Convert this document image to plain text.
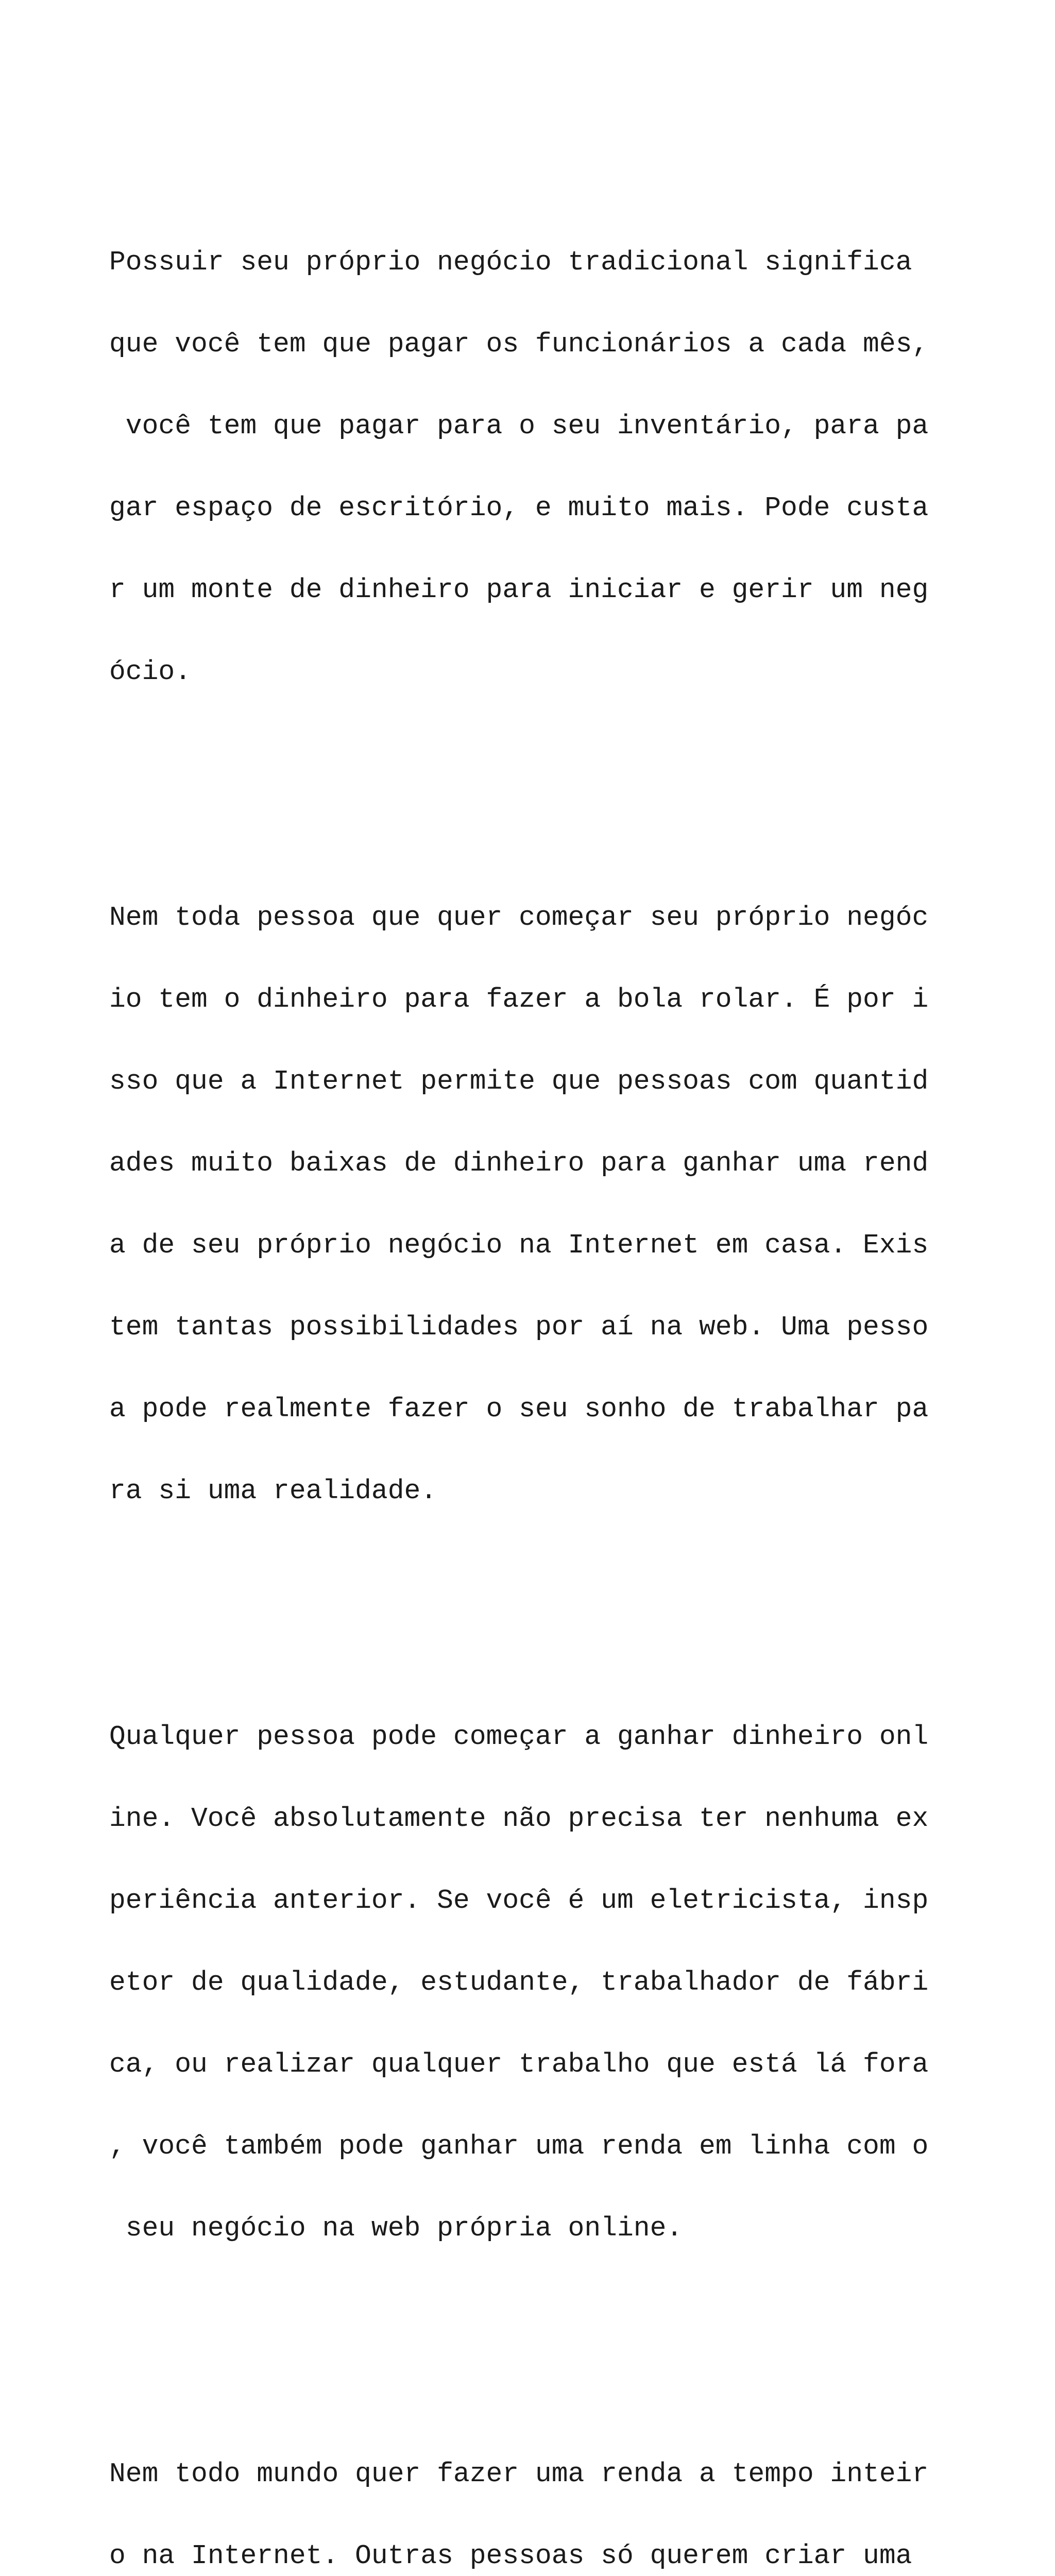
Possuir seu próprio negócio tradicional significa

que você tem que pagar os funcionários a cada mês,

você tem que pagar para o seu inventário, para pa

gar espaço de escritório, e muito mais. Pode custa

r um monte de dinheiro para iniciar e gerir um neg

ócio.

Nem toda pessoa que quer começar seu próprio negóc

io tem o dinheiro para fazer a bola rolar. É por i

sso que a Internet permite que pessoas com quantid

ades muito baixas de dinheiro para ganhar uma rend

a de seu próprio negócio na Internet em casa. Exis

tem tantas possibilidades por aí na web. Uma pesso

a pode realmente fazer o seu sonho de trabalhar pa

ra si uma realidade.

Qualquer pessoa pode começar a ganhar dinheiro onl

ine. Você absolutamente não precisa ter nenhuma ex

periência anterior. Se você é um eletricista, insp

etor de qualidade, estudante, trabalhador de fábri

ca, ou realizar qualquer trabalho que está lá fora

, você também pode ganhar uma renda em linha com o

seu negócio na web própria online.

Nem todo mundo quer fazer uma renda a tempo inteir

o na Internet. Outras pessoas só querem criar uma
